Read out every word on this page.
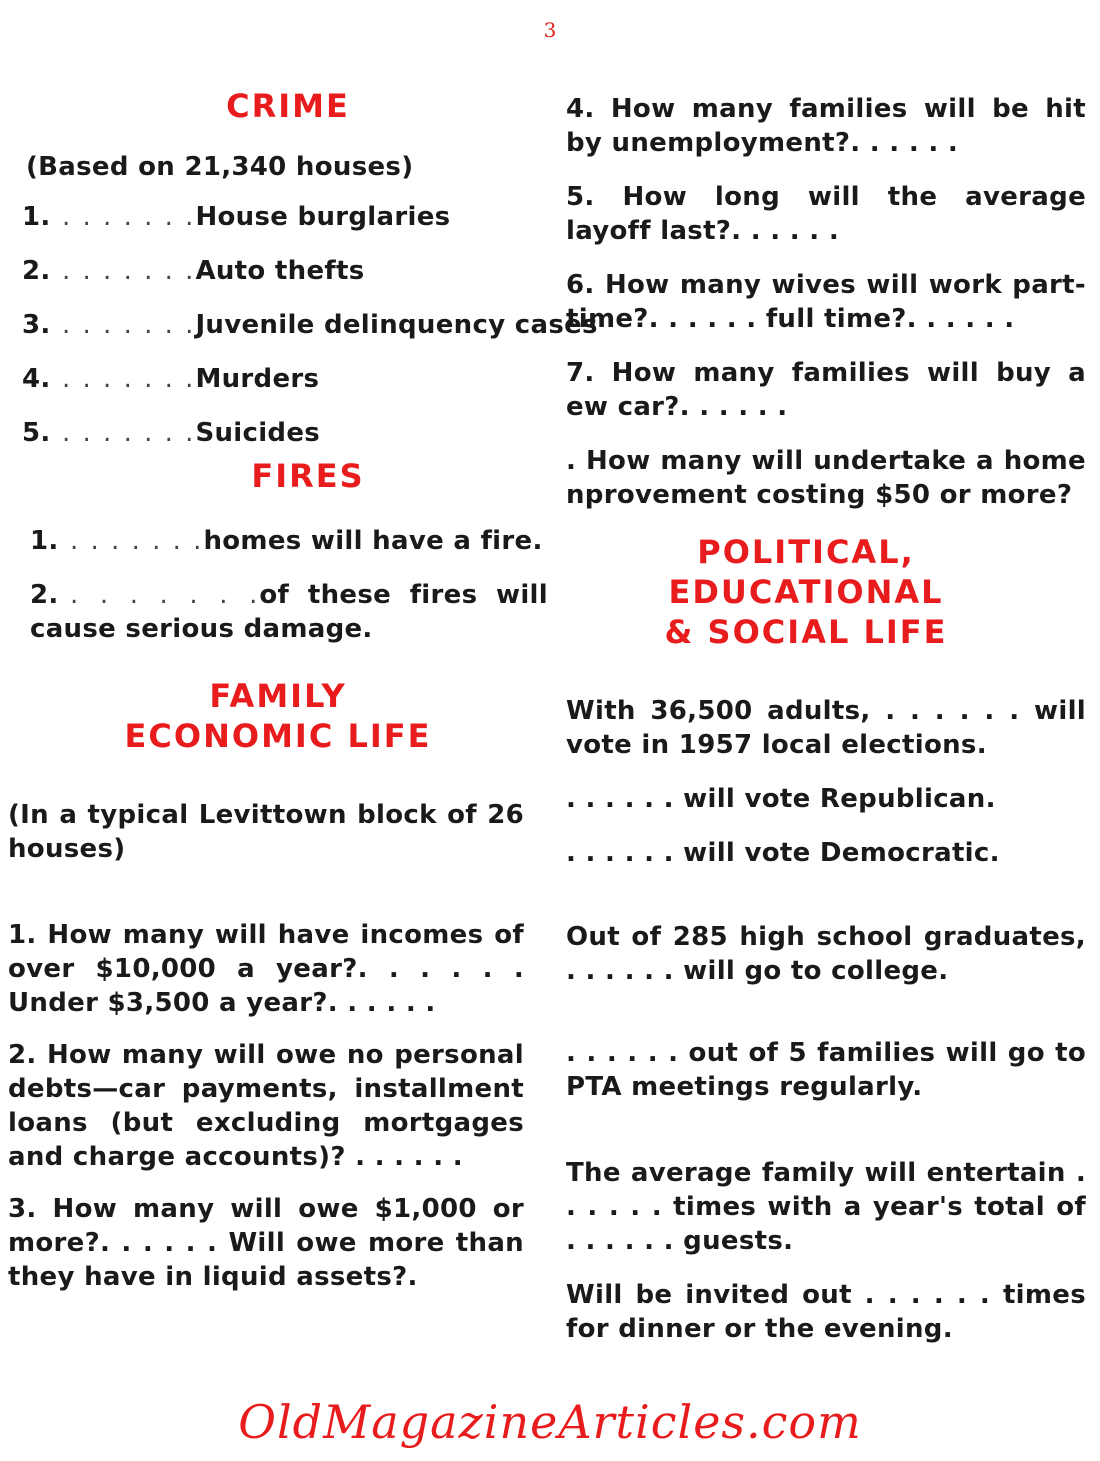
3
CRIME

(Based on 21,340 houses)

1. . . . . . . .House burglaries

2. . . . . . . .Auto thefts

3. . . . . . . .Juvenile delinquency cases

4. . . . . . . .Murders

5. . . . . . . .Suicides

FIRES

1. . . . . . . .homes will have a fire.

2. . . . . . . .of these fires will cause serious damage.

FAMILY
ECONOMIC LIFE

(In a typical Levittown block of 26 houses)

1. How many will have incomes of over $10,000 a year?. . . . . . Under $3,500 a year?. . . . . .

2. How many will owe no personal debts—car payments, installment loans (but excluding mortgages and charge accounts)? . . . . . .

3. How many will owe $1,000 or more?. . . . . . Will owe more than they have in liquid assets?.

4. How many families will be hit by unemployment?. . . . . .

5. How long will the average layoff last?. . . . . .

6. How many wives will work part-time?. . . . . . full time?. . . . . .

7. How many families will buy a ew car?. . . . . .

. How many will undertake a home nprovement costing $50 or more?

POLITICAL,
EDUCATIONAL
& SOCIAL LIFE

With 36,500 adults, . . . . . . will vote in 1957 local elections.

. . . . . . will vote Republican.

. . . . . . will vote Democratic.

Out of 285 high school graduates, . . . . . . will go to college.

. . . . . . out of 5 families will go to PTA meetings regularly.

The average family will entertain . . . . . . times with a year's total of . . . . . . guests.

Will be invited out . . . . . . times for dinner or the evening.

OldMagazineArticles.com
